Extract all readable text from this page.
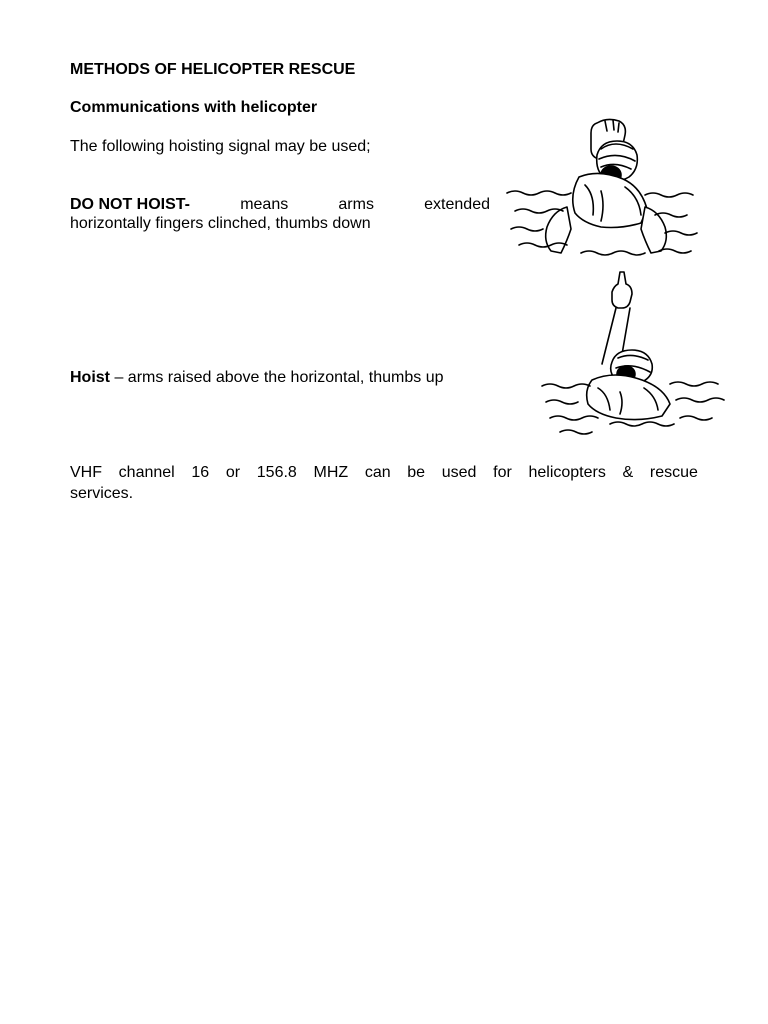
METHODS OF HELICOPTER RESCUE
Communications with helicopter
The following hoisting signal may be used;
DO NOT HOIST-	means	arms	extended
horizontally fingers clinched, thumbs down
Hoist – arms raised above the horizontal, thumbs up
VHF channel 16 or 156.8 MHZ can be used for helicopters & rescue
services.
